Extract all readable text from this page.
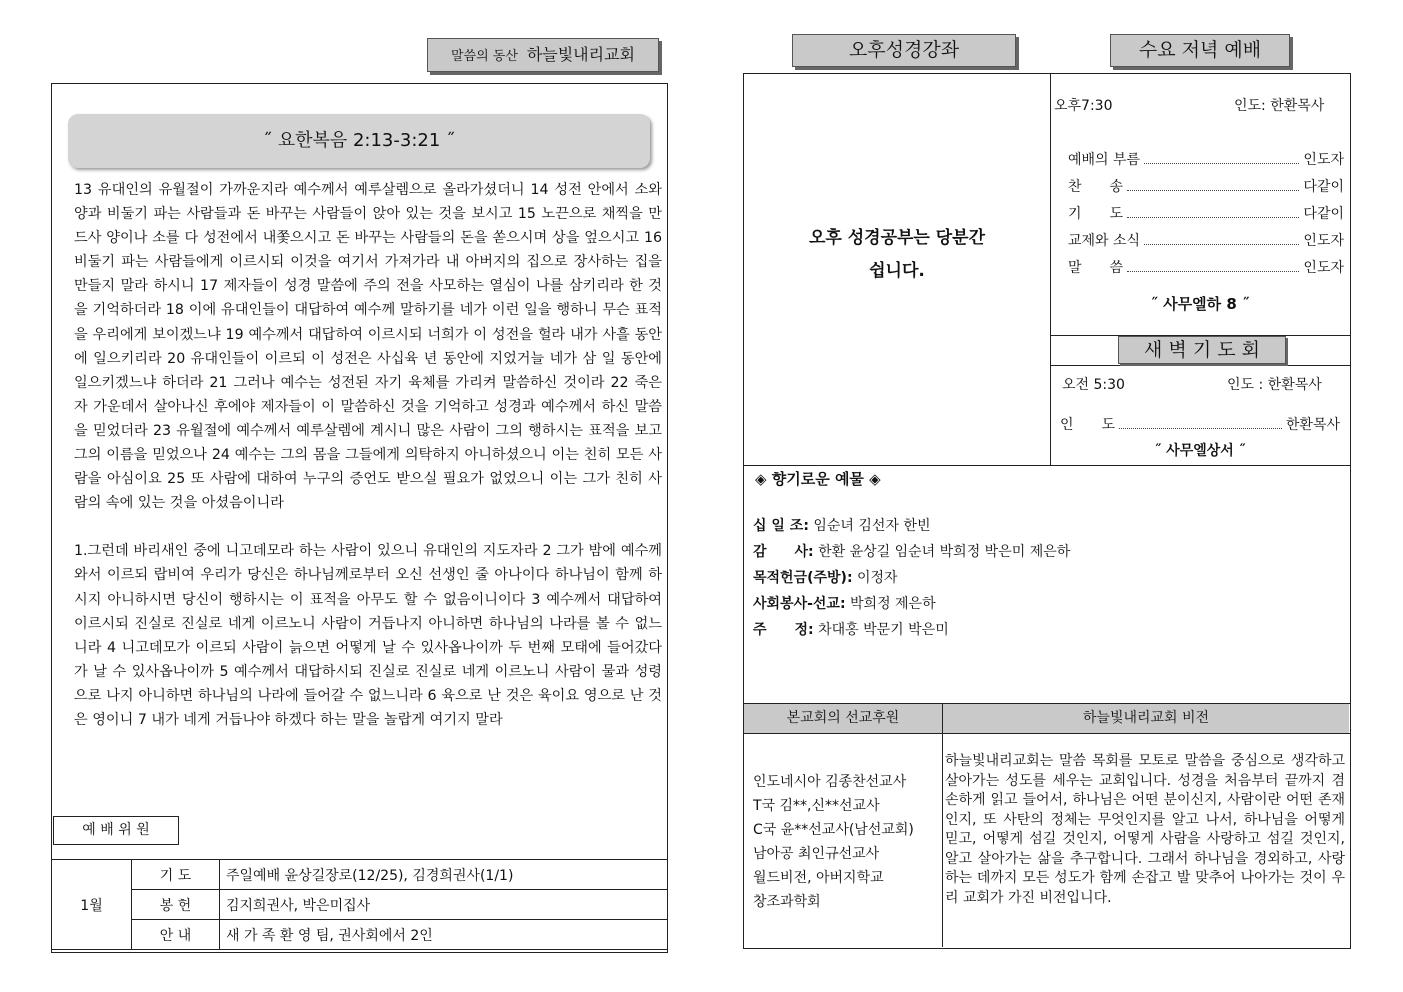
말씀의 동산 하늘빛내리교회
˝ 요한복음 2:13-3:21 ˝

13 유대인의 유월절이 가까운지라 예수께서 예루살렘으로 올라가셨더니 14 성전 안에서 소와 양과 비둘기 파는 사람들과 돈 바꾸는 사람들이 앉아 있는 것을 보시고 15 노끈으로 채찍을 만드사 양이나 소를 다 성전에서 내쫓으시고 돈 바꾸는 사람들의 돈을 쏟으시며 상을 엎으시고 16비둘기 파는 사람들에게 이르시되 이것을 여기서 가져가라 내 아버지의 집으로 장사하는 집을 만들지 말라 하시니 17 제자들이 성경 말씀에 주의 전을 사모하는 열심이 나를 삼키리라 한 것을 기억하더라 18 이에 유대인들이 대답하여 예수께 말하기를 네가 이런 일을 행하니 무슨 표적을 우리에게 보이겠느냐 19 예수께서 대답하여 이르시되 너희가 이 성전을 헐라 내가 사흘 동안에 일으키리라 20 유대인들이 이르되 이 성전은 사십육 년 동안에 지었거늘 네가 삼 일 동안에 일으키겠느냐 하더라 21 그러나 예수는 성전된 자기 육체를 가리켜 말씀하신 것이라 22 죽은 자 가운데서 살아나신 후에야 제자들이 이 말씀하신 것을 기억하고 성경과 예수께서 하신 말씀을 믿었더라 23 유월절에 예수께서 예루살렘에 계시니 많은 사람이 그의 행하시는 표적을 보고 그의 이름을 믿었으나 24 예수는 그의 몸을 그들에게 의탁하지 아니하셨으니 이는 친히 모든 사람을 아심이요 25 또 사람에 대하여 누구의 증언도 받으실 필요가 없었으니 이는 그가 친히 사람의 속에 있는 것을 아셨음이니라

1.그런데 바리새인 중에 니고데모라 하는 사람이 있으니 유대인의 지도자라 2 그가 밤에 예수께 와서 이르되 랍비여 우리가 당신은 하나님께로부터 오신 선생인 줄 아나이다 하나님이 함께 하시지 아니하시면 당신이 행하시는 이 표적을 아무도 할 수 없음이니이다 3 예수께서 대답하여 이르시되 진실로 진실로 네게 이르노니 사람이 거듭나지 아니하면 하나님의 나라를 볼 수 없느니라 4 니고데모가 이르되 사람이 늙으면 어떻게 날 수 있사옵나이까 두 번째 모태에 들어갔다가 날 수 있사옵나이까 5 예수께서 대답하시되 진실로 진실로 네게 이르노니 사람이 물과 성령으로 나지 아니하면 하나님의 나라에 들어갈 수 없느니라 6 육으로 난 것은 육이요 영으로 난 것은 영이니 7 내가 네게 거듭나야 하겠다 하는 말을 놀랍게 여기지 말라

예 배 위 원
1월	기 도	주일예배 윤상길장로(12/25), 김경희권사(1/1)
	봉 헌	김지희권사, 박은미집사
	안 내	새 가 족 환 영 팀, 권사회에서 2인
오후성경강좌	수요 저녁 예배
오후 성경공부는 당분간
쉽니다.
오후7:30	인도: 한환목사
예배의 부름	인도자
찬　　송	다같이
기　　도	다같이
교제와 소식	인도자
말　　씀	인도자
˝ 사무엘하 8 ˝
새 벽 기 도 회
오전 5:30	인도 : 한환목사
인　　도	한환목사
˝ 사무엘상서 ˝
◈ 향기로운 예물 ◈
십 일 조: 임순녀 김선자 한빈
감　　사: 한환 윤상길 임순녀 박희정 박은미 제은하
목적헌금(주방): 이정자
사회봉사-선교: 박희정 제은하
주　　정: 차대홍 박문기 박은미
본교회의 선교후원	하늘빛내리교회 비전
인도네시아 김종찬선교사
T국 김**,신**선교사
C국 윤**선교사(남선교회)
남아공 최인규선교사
월드비전, 아버지학교
창조과학회
하늘빛내리교회는 말씀 목회를 모토로 말씀을 중심으로 생각하고 살아가는 성도를 세우는 교회입니다. 성경을 처음부터 끝까지 겸손하게 읽고 들어서, 하나님은 어떤 분이신지, 사람이란 어떤 존재인지, 또 사탄의 정체는 무엇인지를 알고 나서, 하나님을 어떻게 믿고, 어떻게 섬길 것인지, 어떻게 사람을 사랑하고 섬길 것인지, 알고 살아가는 삶을 추구합니다. 그래서 하나님을 경외하고, 사랑하는 데까지 모든 성도가 함께 손잡고 발 맞추어 나아가는 것이 우리 교회가 가진 비전입니다.
